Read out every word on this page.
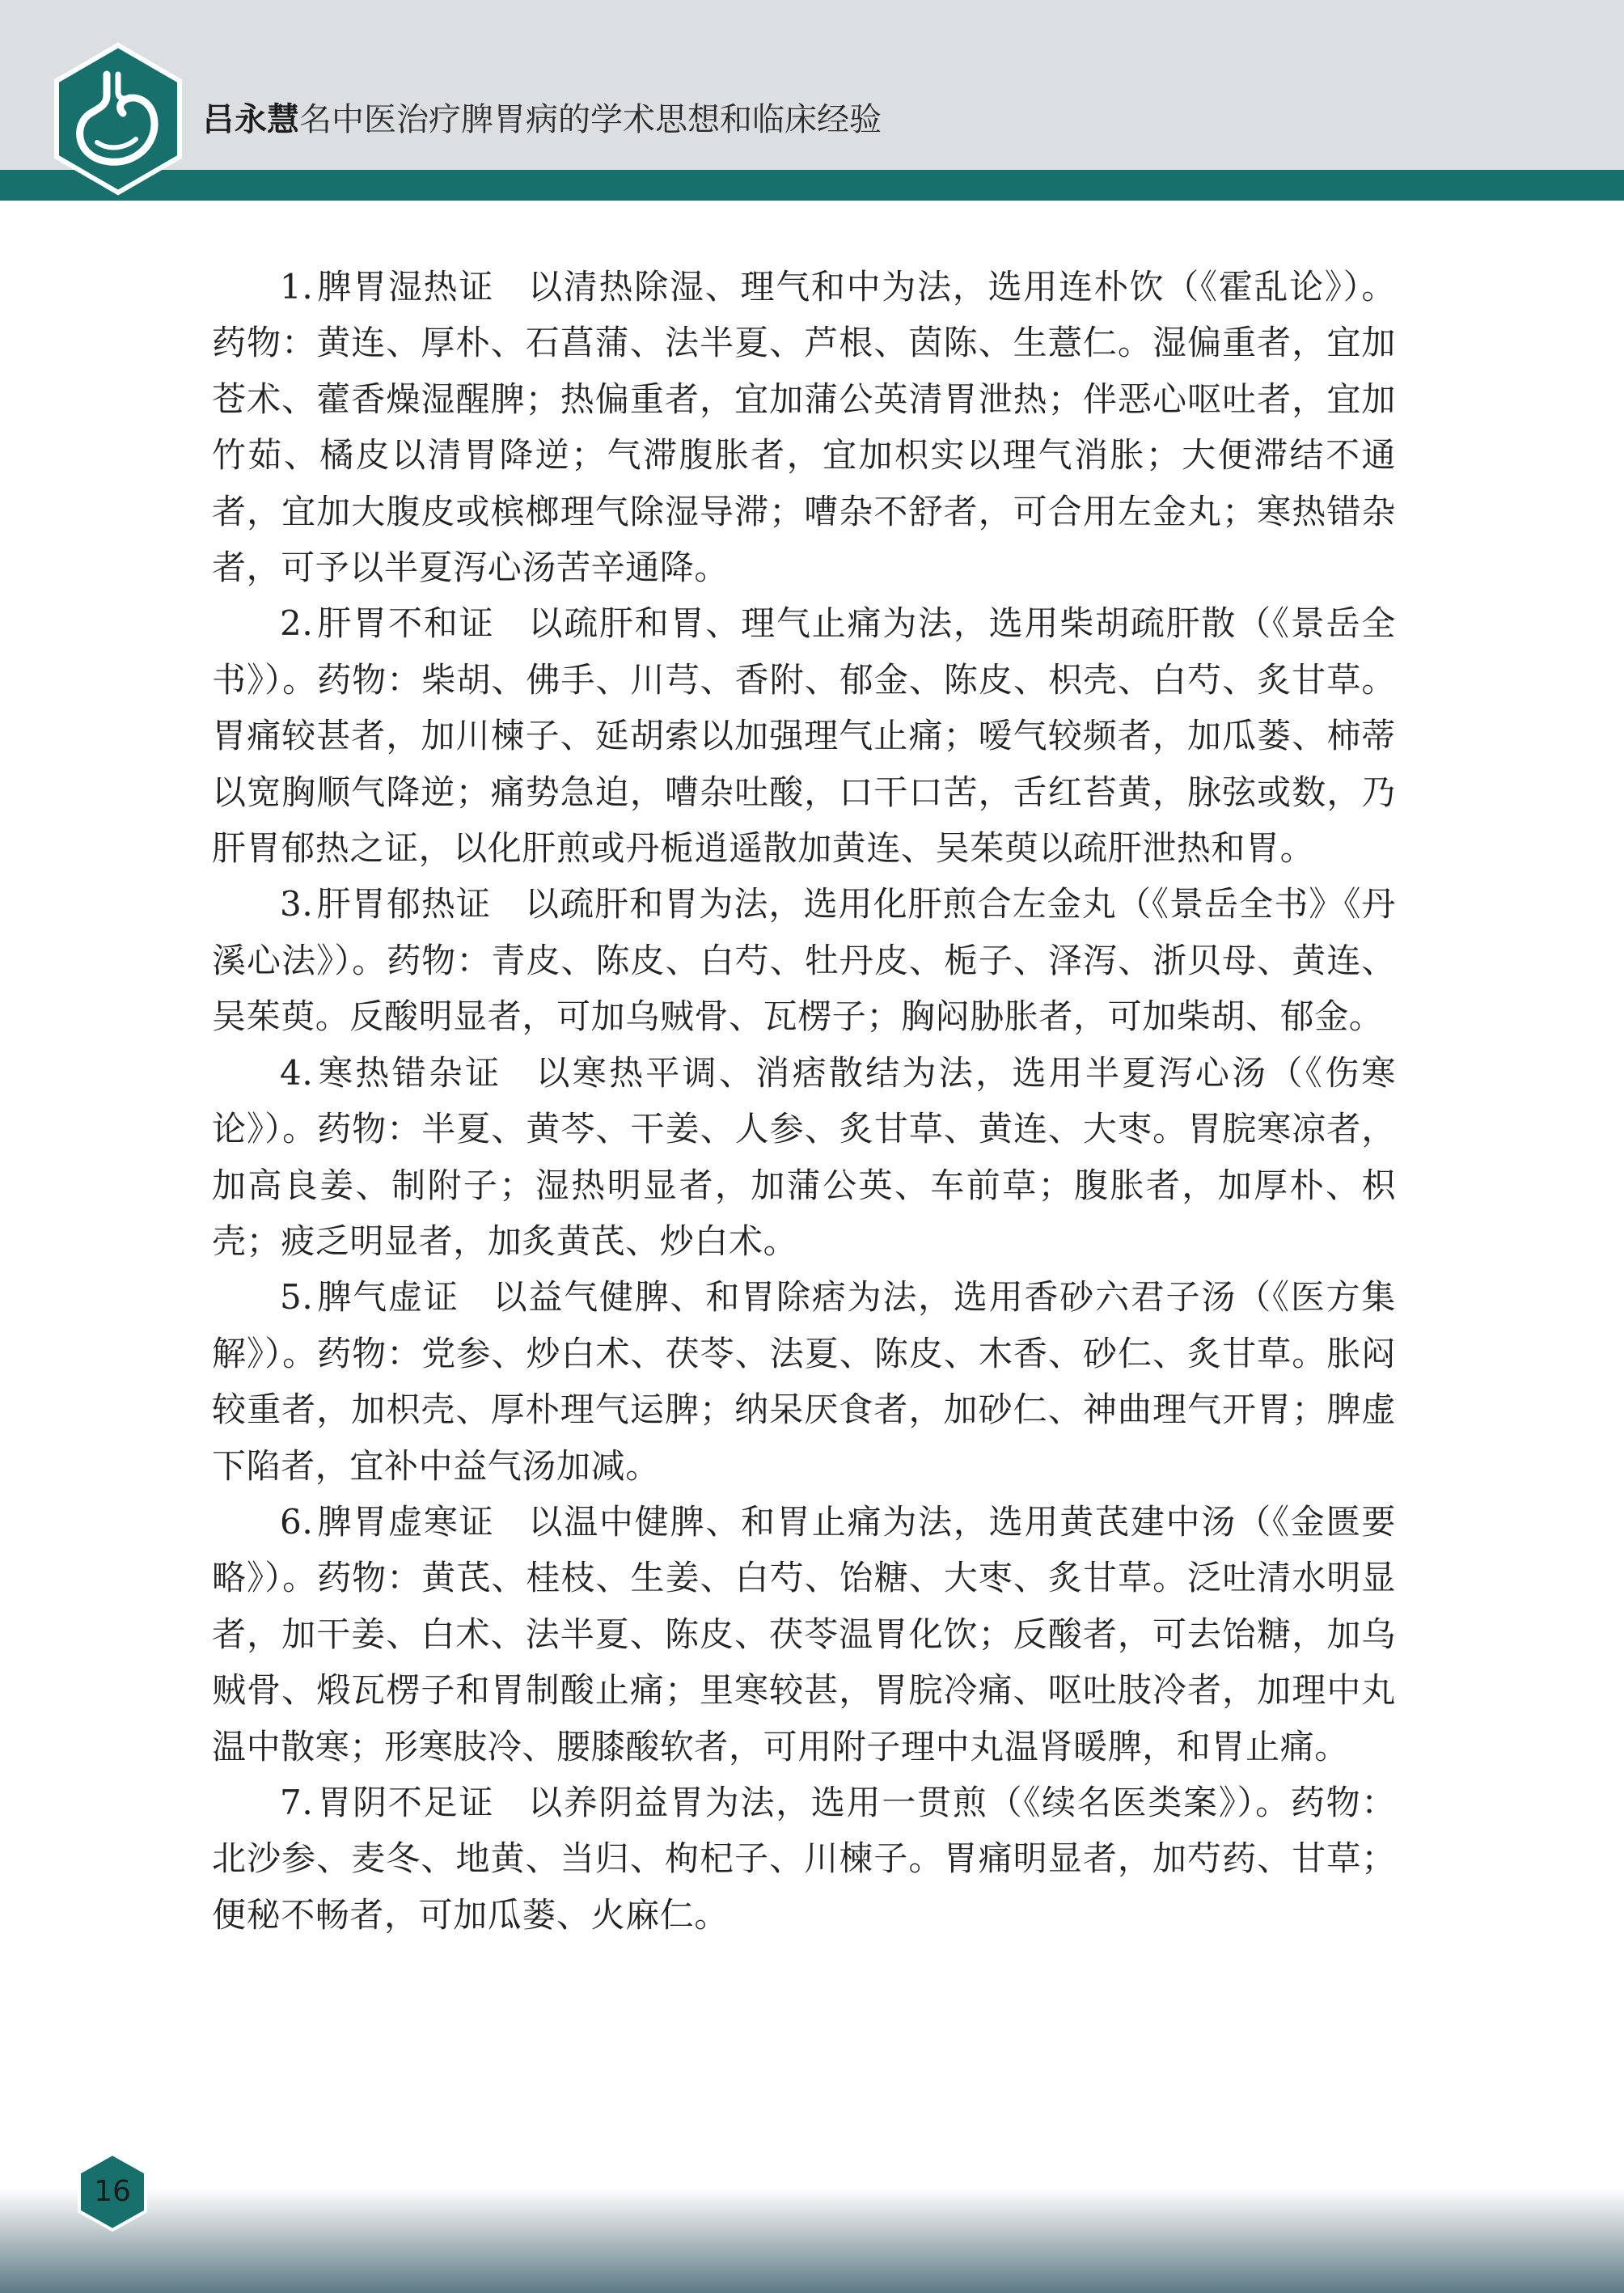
吕永慧名中医治疗脾胃病的学术思想和临床经验

1.脾胃湿热证 以清热除湿、理气和中为法，选用连朴饮（《霍乱论》）。药物：黄连、厚朴、石菖蒲、法半夏、芦根、茵陈、生薏仁。湿偏重者，宜加苍术、藿香燥湿醒脾；热偏重者，宜加蒲公英清胃泄热；伴恶心呕吐者，宜加竹茹、橘皮以清胃降逆；气滞腹胀者，宜加枳实以理气消胀；大便滞结不通者，宜加大腹皮或槟榔理气除湿导滞；嘈杂不舒者，可合用左金丸；寒热错杂者，可予以半夏泻心汤苦辛通降。

2.肝胃不和证 以疏肝和胃、理气止痛为法，选用柴胡疏肝散（《景岳全书》）。药物：柴胡、佛手、川芎、香附、郁金、陈皮、枳壳、白芍、炙甘草。胃痛较甚者，加川楝子、延胡索以加强理气止痛；嗳气较频者，加瓜蒌、柿蒂以宽胸顺气降逆；痛势急迫，嘈杂吐酸，口干口苦，舌红苔黄，脉弦或数，乃肝胃郁热之证，以化肝煎或丹栀逍遥散加黄连、吴茱萸以疏肝泄热和胃。

3.肝胃郁热证 以疏肝和胃为法，选用化肝煎合左金丸（《景岳全书》《丹溪心法》）。药物：青皮、陈皮、白芍、牡丹皮、栀子、泽泻、浙贝母、黄连、吴茱萸。反酸明显者，可加乌贼骨、瓦楞子；胸闷胁胀者，可加柴胡、郁金。

4.寒热错杂证 以寒热平调、消痞散结为法，选用半夏泻心汤（《伤寒论》）。药物：半夏、黄芩、干姜、人参、炙甘草、黄连、大枣。胃脘寒凉者，加高良姜、制附子；湿热明显者，加蒲公英、车前草；腹胀者，加厚朴、枳壳；疲乏明显者，加炙黄芪、炒白术。

5.脾气虚证 以益气健脾、和胃除痞为法，选用香砂六君子汤（《医方集解》）。药物：党参、炒白术、茯苓、法夏、陈皮、木香、砂仁、炙甘草。胀闷较重者，加枳壳、厚朴理气运脾；纳呆厌食者，加砂仁、神曲理气开胃；脾虚下陷者，宜补中益气汤加减。

6.脾胃虚寒证 以温中健脾、和胃止痛为法，选用黄芪建中汤（《金匮要略》）。药物：黄芪、桂枝、生姜、白芍、饴糖、大枣、炙甘草。泛吐清水明显者，加干姜、白术、法半夏、陈皮、茯苓温胃化饮；反酸者，可去饴糖，加乌贼骨、煅瓦楞子和胃制酸止痛；里寒较甚，胃脘冷痛、呕吐肢冷者，加理中丸温中散寒；形寒肢冷、腰膝酸软者，可用附子理中丸温肾暖脾，和胃止痛。

7.胃阴不足证 以养阴益胃为法，选用一贯煎（《续名医类案》）。药物：北沙参、麦冬、地黄、当归、枸杞子、川楝子。胃痛明显者，加芍药、甘草；便秘不畅者，可加瓜蒌、火麻仁。

16
